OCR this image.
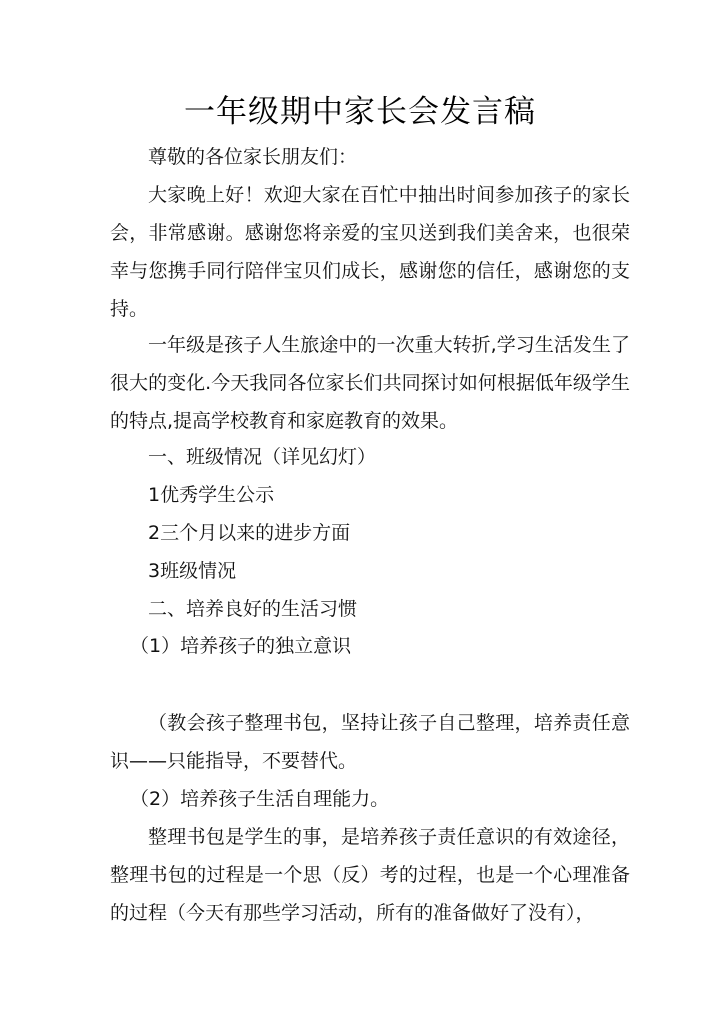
一年级期中家长会发言稿
尊敬的各位家长朋友们：
大家晚上好！欢迎大家在百忙中抽出时间参加孩子的家长会，非常感谢。感谢您将亲爱的宝贝送到我们美舍来，也很荣幸与您携手同行陪伴宝贝们成长，感谢您的信任，感谢您的支持。
一年级是孩子人生旅途中的一次重大转折,学习生活发生了很大的变化.今天我同各位家长们共同探讨如何根据低年级学生的特点,提高学校教育和家庭教育的效果。
一、班级情况（详见幻灯）
1优秀学生公示
2三个月以来的进步方面
3班级情况
二、培养良好的生活习惯
（1）培养孩子的独立意识
（教会孩子整理书包，坚持让孩子自己整理，培养责任意识——只能指导，不要替代。
（2）培养孩子生活自理能力。
整理书包是学生的事，是培养孩子责任意识的有效途径，整理书包的过程是一个思（反）考的过程，也是一个心理准备的过程（今天有那些学习活动，所有的准备做好了没有），
